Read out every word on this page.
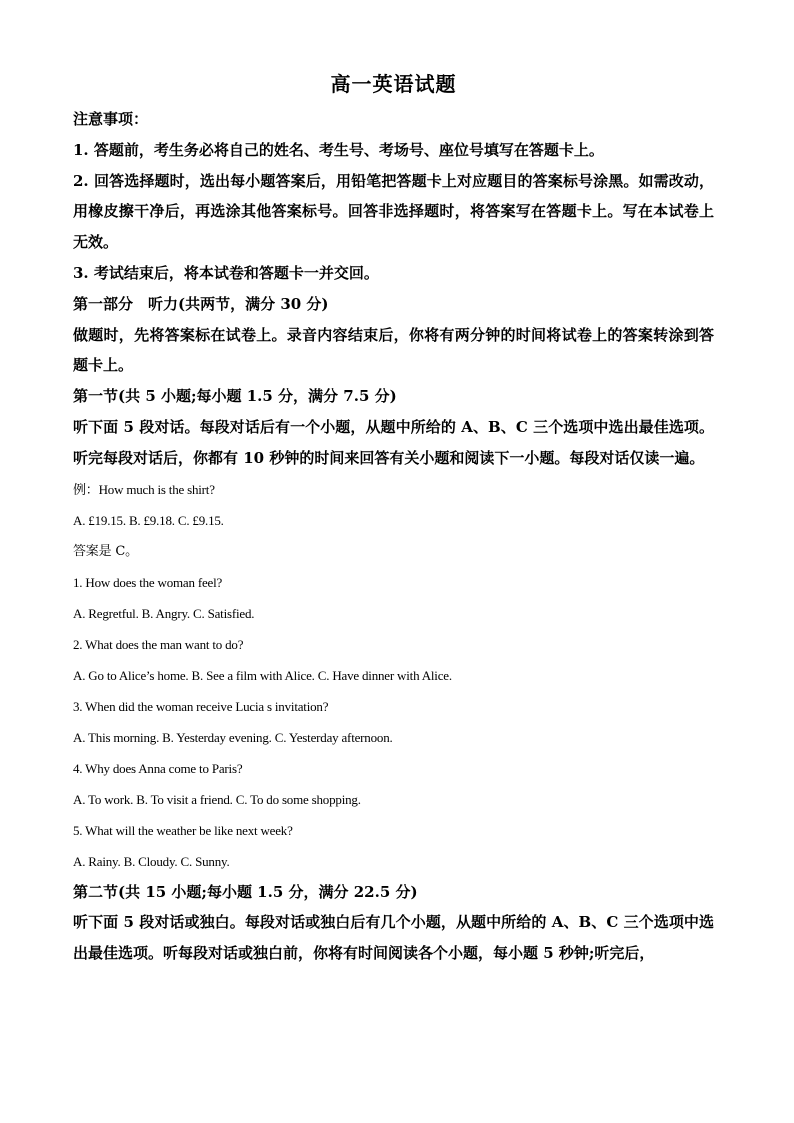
高一英语试题

注意事项：

1. 答题前，考生务必将自己的姓名、考生号、考场号、座位号填写在答题卡上。

2. 回答选择题时，选出每小题答案后，用铅笔把答题卡上对应题目的答案标号涂黑。如需改动，用橡皮擦干净后，再选涂其他答案标号。回答非选择题时，将答案写在答题卡上。写在本试卷上无效。

3. 考试结束后，将本试卷和答题卡一并交回。

第一部分　听力(共两节，满分 30 分)

做题时，先将答案标在试卷上。录音内容结束后，你将有两分钟的时间将试卷上的答案转涂到答题卡上。

第一节(共 5 小题;每小题 1.5 分，满分 7.5 分)

听下面 5 段对话。每段对话后有一个小题，从题中所给的 A、B、C 三个选项中选出最佳选项。听完每段对话后，你都有 10 秒钟的时间来回答有关小题和阅读下一小题。每段对话仅读一遍。

例：How much is the shirt?

A. £19.15. B. £9.18. C. £9.15.

答案是 C。

1. How does the woman feel?

A. Regretful. B. Angry. C. Satisfied.

2. What does the man want to do?

A. Go to Alice’s home. B. See a film with Alice. C. Have dinner with Alice.

3. When did the woman receive Lucia s invitation?

A. This morning. B. Yesterday evening. C. Yesterday afternoon.

4. Why does Anna come to Paris?

A. To work. B. To visit a friend. C. To do some shopping.

5. What will the weather be like next week?

A. Rainy. B. Cloudy. C. Sunny.

第二节(共 15 小题;每小题 1.5 分，满分 22.5 分)

听下面 5 段对话或独白。每段对话或独白后有几个小题，从题中所给的 A、B、C 三个选项中选出最佳选项。听每段对话或独白前，你将有时间阅读各个小题，每小题 5 秒钟;听完后，
